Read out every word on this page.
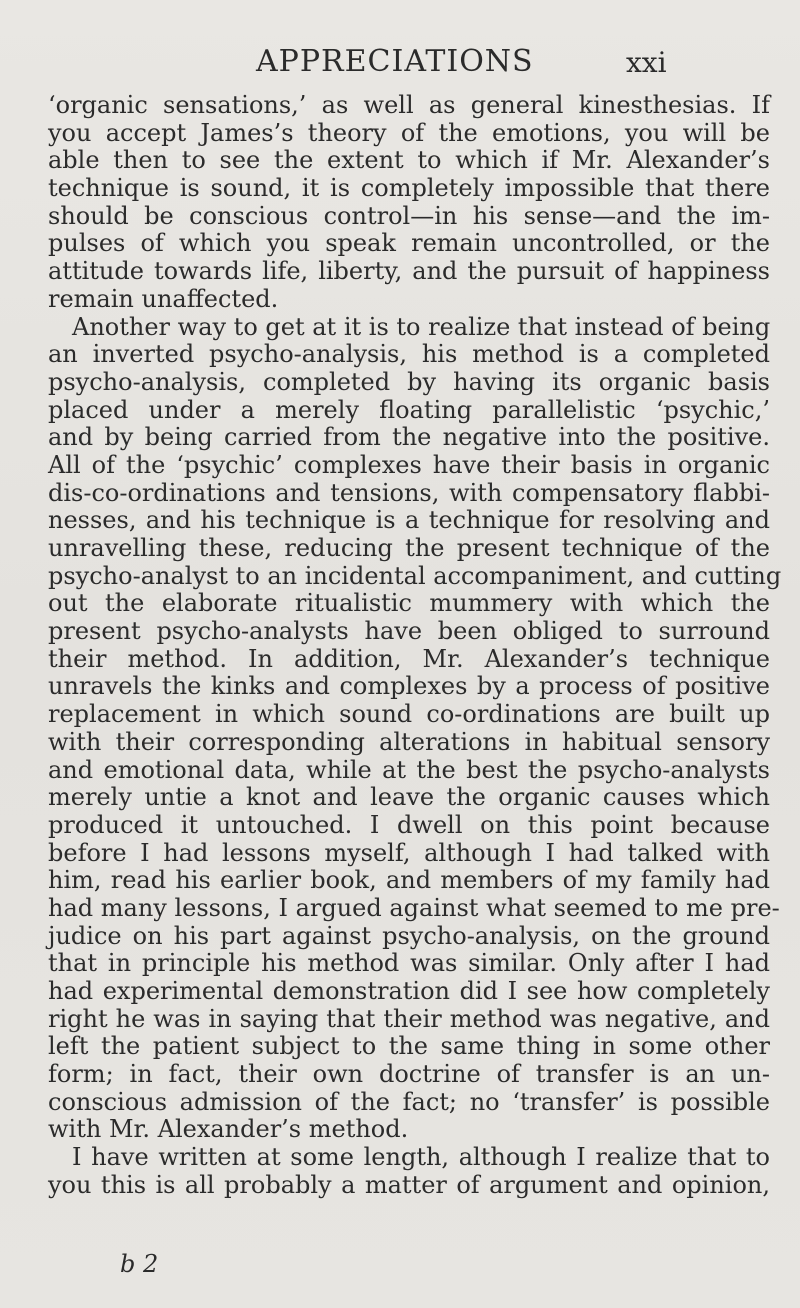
APPRECIATIONS	xxi
‘organic sensations,’ as well as general kinesthesias. If
you accept James’s theory of the emotions, you will be
able then to see the extent to which if Mr. Alexander’s
technique is sound, it is completely impossible that there
should be conscious control—in his sense—and the im-
pulses of which you speak remain uncontrolled, or the
attitude towards life, liberty, and the pursuit of happiness
remain unaffected.
Another way to get at it is to realize that instead of being
an inverted psycho-analysis, his method is a completed
psycho-analysis, completed by having its organic basis
placed under a merely floating parallelistic ‘psychic,’
and by being carried from the negative into the positive.
All of the ‘psychic’ complexes have their basis in organic
dis-co-ordinations and tensions, with compensatory flabbi-
nesses, and his technique is a technique for resolving and
unravelling these, reducing the present technique of the
psycho-analyst to an incidental accompaniment, and cutting
out the elaborate ritualistic mummery with which the
present psycho-analysts have been obliged to surround
their method. In addition, Mr. Alexander’s technique
unravels the kinks and complexes by a process of positive
replacement in which sound co-ordinations are built up
with their corresponding alterations in habitual sensory
and emotional data, while at the best the psycho-analysts
merely untie a knot and leave the organic causes which
produced it untouched. I dwell on this point because
before I had lessons myself, although I had talked with
him, read his earlier book, and members of my family had
had many lessons, I argued against what seemed to me pre-
judice on his part against psycho-analysis, on the ground
that in principle his method was similar. Only after I had
had experimental demonstration did I see how completely
right he was in saying that their method was negative, and
left the patient subject to the same thing in some other
form; in fact, their own doctrine of transfer is an un-
conscious admission of the fact; no ‘transfer’ is possible
with Mr. Alexander’s method.
I have written at some length, although I realize that to
you this is all probably a matter of argument and opinion,
b 2
